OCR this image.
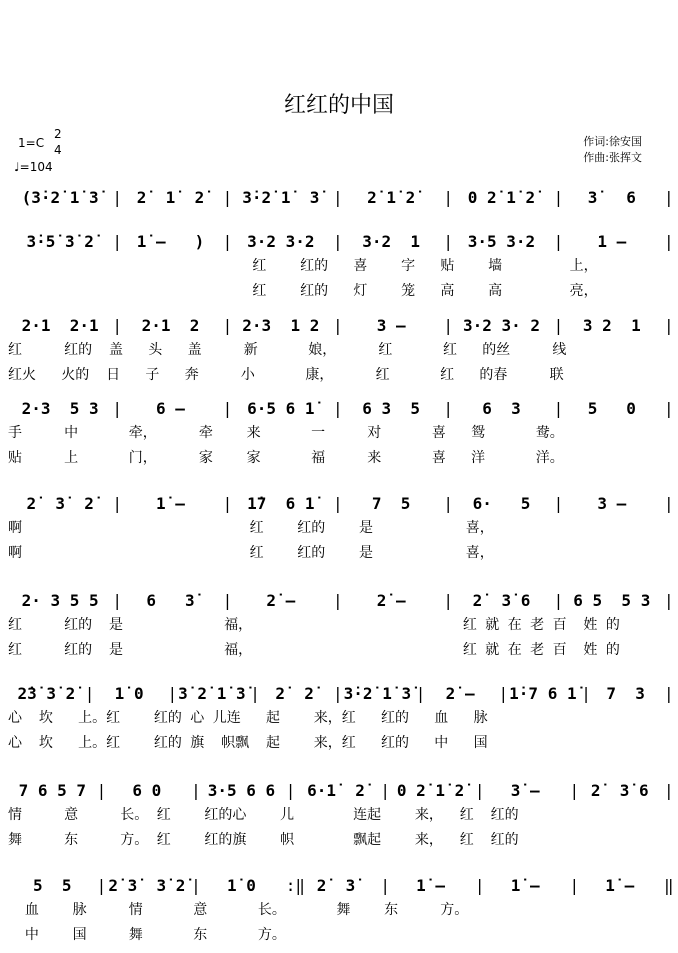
红红的中国
1=C
2
4
♩=104
作词:徐安国
作曲:张挥文
(3̇·2̇ 1̇ 3̇ | 2̇  1̇  2̇	| 3̇·2̇ 1̇  3̇ |	2̇ 1̇ 2̇	| 0 2̇ 1̇ 2̇	|	3̇   6	|
3̇·5̇ 3̇ 2̇	| 1̇ –   )	| 3·2 3·2	|	3·2  1	| 3·5 3·2	|	1 –	|
红    红的   喜    字   贴    墙        上，
红    红的   灯    笼   高    高        亮，
2·1  2·1 |	2·1  2	| 2·3  1 2 |	3 –	| 3·2 3· 2 |	3 2  1	|
红     红的  盖   头   盖     新      娘，     红      红   的丝     线
红火   火的  日   子   奔     小      康，     红      红   的春     联
2·3  5 3 |	6 –	| 6·5 6 1̇	|	6 3  5	|	6  3	|	5   0	|
手     中      牵，     牵    来      一     对      喜   鸳      鸯。
贴     上      门，     家    家      福     来      喜   洋      洋。
2̇  3̇  2̇	|	1̇ –	| 1̇7  6 1̇	|	7  5	|	6·   5	|	3 –	|
啊                           红    红的    是           喜，
啊                           红    红的    是           喜，
2· 3 5 5 |	6   3̇	|	2̇ –	|	2̇ –	|	2̇  3̇ 6	| 6 5  5 3 |
红     红的  是            福，                         红 就 在 老 百  姓 的
红     红的  是            福，                         红 就 在 老 百  姓 的
2̇3̇ 3̇ 2̇ |	1̇ 0	| 3̇ 2̇ 1̇ 3̇ | 2̇  2̇	| 3̇·2̇ 1̇ 3̇ |	2̇ –	| 1̇·7 6 1̇ | 7  3	|
心  坎   上。红    红的 心 儿连   起    来，红   红的   血   脉
心  坎   上。红    红的 旗  帜飘  起    来，红   红的   中   国
7 6 5 7 |	6 0	| 3·5 6 6 | 6·1̇  2̇ | 0 2̇ 1̇ 2̇ |	3̇ –	| 2̇  3̇ 6 |
情     意     长。 红    红的心    儿       连起    来，  红  红的
舞     东     方。 红    红的旗    帜       飘起    来，  红  红的
5  5	| 2̇ 3̇  3̇ 2̇ |	1̇ 0	:‖ 2̇  3̇	|	1̇ –	|	1̇ –	|	1̇ –	‖
血    脉     情      意      长。      舞    东     方。
中    国     舞      东      方。
